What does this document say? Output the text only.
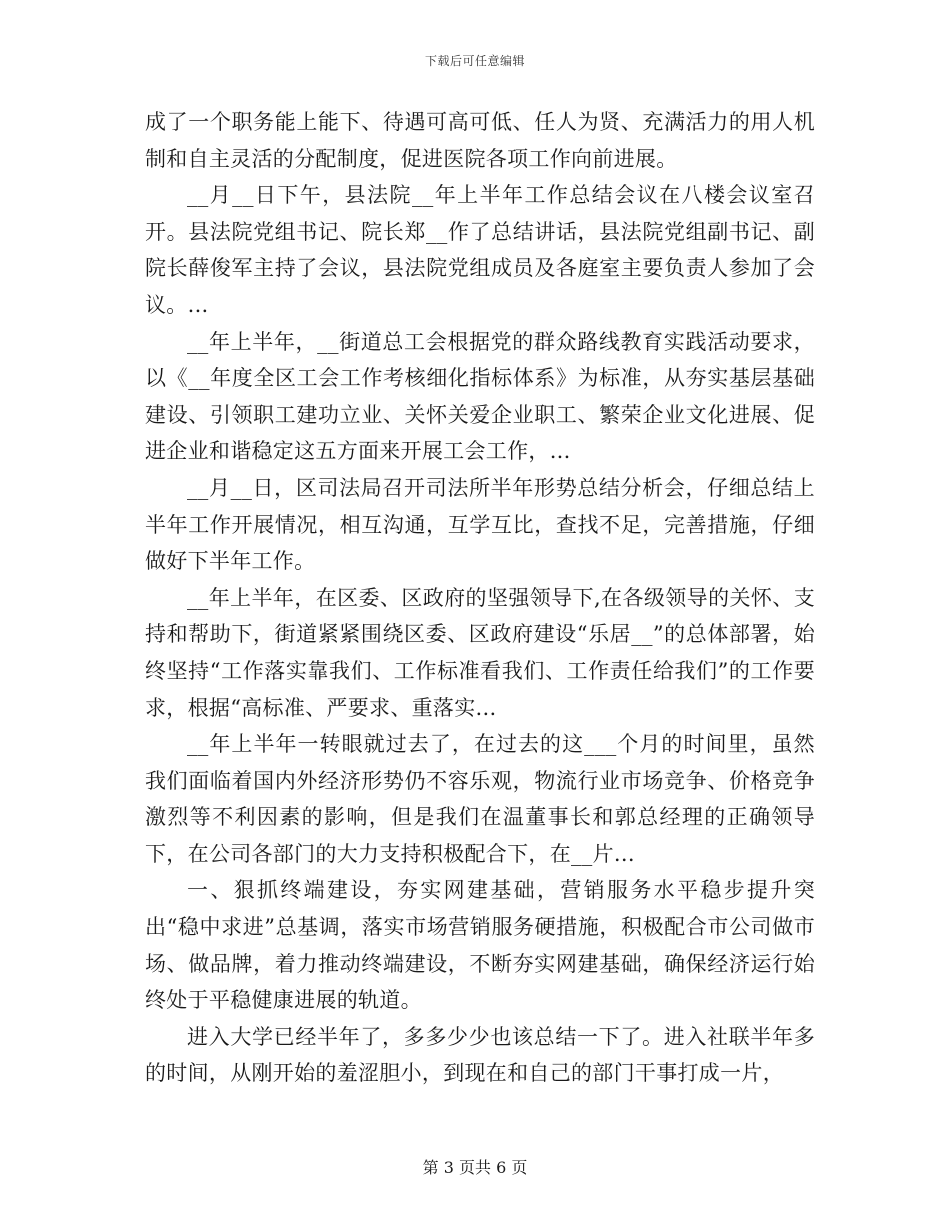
下载后可任意编辑

成了一个职务能上能下、待遇可高可低、任人为贤、充满活力的用人机制和自主灵活的分配制度，促进医院各项工作向前进展。

__月__日下午，县法院__年上半年工作总结会议在八楼会议室召开。县法院党组书记、院长郑__作了总结讲话，县法院党组副书记、副院长薛俊军主持了会议，县法院党组成员及各庭室主要负责人参加了会议。...

__年上半年，__街道总工会根据党的群众路线教育实践活动要求，以《__年度全区工会工作考核细化指标体系》为标准，从夯实基层基础建设、引领职工建功立业、关怀关爱企业职工、繁荣企业文化进展、促进企业和谐稳定这五方面来开展工会工作，...

__月__日，区司法局召开司法所半年形势总结分析会，仔细总结上半年工作开展情况，相互沟通，互学互比，查找不足，完善措施，仔细做好下半年工作。

__年上半年，在区委、区政府的坚强领导下,在各级领导的关怀、支持和帮助下，街道紧紧围绕区委、区政府建设“乐居__”的总体部署，始终坚持“工作落实靠我们、工作标准看我们、工作责任给我们”的工作要求，根据“高标准、严要求、重落实...

__年上半年一转眼就过去了，在过去的这___个月的时间里，虽然我们面临着国内外经济形势仍不容乐观，物流行业市场竞争、价格竞争激烈等不利因素的影响，但是我们在温董事长和郭总经理的正确领导下，在公司各部门的大力支持积极配合下，在__片...

一、狠抓终端建设，夯实网建基础，营销服务水平稳步提升突出“稳中求进”总基调，落实市场营销服务硬措施，积极配合市公司做市场、做品牌，着力推动终端建设，不断夯实网建基础，确保经济运行始终处于平稳健康进展的轨道。

进入大学已经半年了，多多少少也该总结一下了。进入社联半年多的时间，从刚开始的羞涩胆小，到现在和自己的部门干事打成一片，

第 3 页共 6 页
